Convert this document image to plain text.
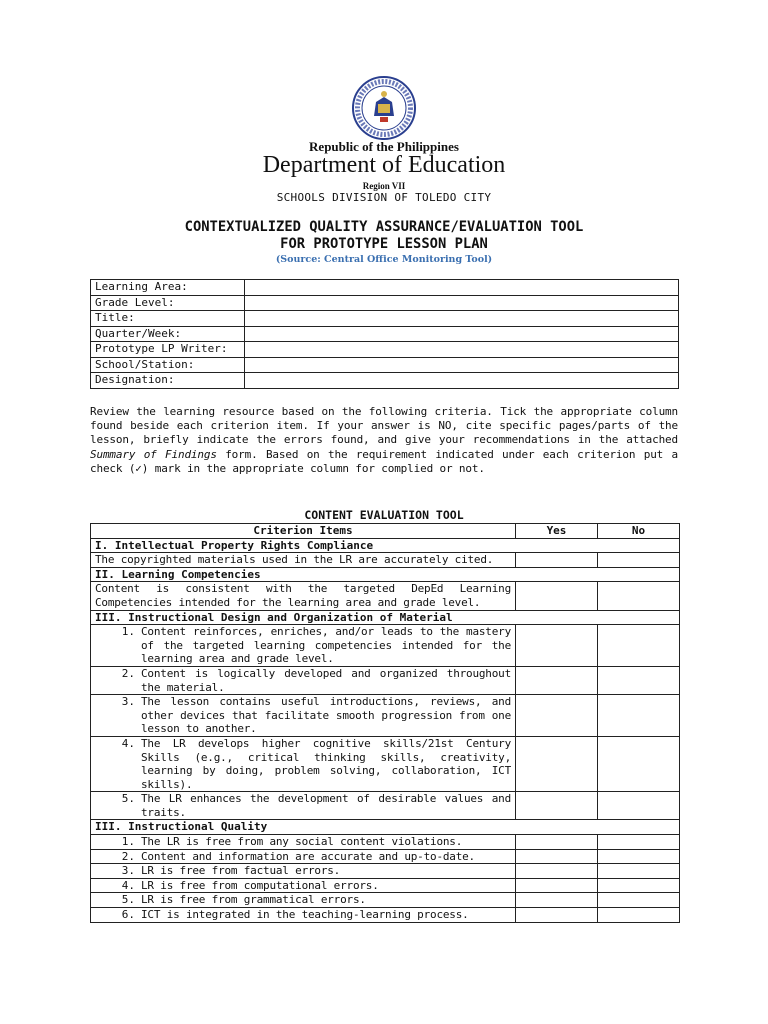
Republic of the Philippines
Department of Education
Region VII
SCHOOLS DIVISION OF TOLEDO CITY
CONTEXTUALIZED QUALITY ASSURANCE/EVALUATION TOOL
FOR PROTOTYPE LESSON PLAN
(Source: Central Office Monitoring Tool)
Learning Area:	
Grade Level:	
Title:	
Quarter/Week:	
Prototype LP Writer:	
School/Station:	
Designation:	
Review the learning resource based on the following criteria. Tick the appropriate column found beside each criterion item. If your answer is NO, cite specific pages/parts of the lesson, briefly indicate the errors found, and give your recommendations in the attached Summary of Findings form. Based on the requirement indicated under each criterion put a check (✓) mark in the appropriate column for complied or not.
CONTENT EVALUATION TOOL
Criterion Items	Yes	No
I. Intellectual Property Rights Compliance		

The copyrighted materials used in the LR are accurately cited.		

II. Learning Competencies		

Content is consistent with the targeted DepEd Learning Competencies intended for the learning area and grade level.		

III. Instructional Design and Organization of Material		

1. Content reinforces, enriches, and/or leads to the mastery of the targeted learning competencies intended for the learning area and grade level.		

2. Content is logically developed and organized throughout the material.		

3. The lesson contains useful introductions, reviews, and other devices that facilitate smooth progression from one lesson to another.		

4. The LR develops higher cognitive skills/21st Century Skills (e.g., critical thinking skills, creativity, learning by doing, problem solving, collaboration, ICT skills).		

5. The LR enhances the development of desirable values and traits.		

III. Instructional Quality		

1. The LR is free from any social content violations.		

2. Content and information are accurate and up-to-date.		

3. LR is free from factual errors.		

4. LR is free from computational errors.		

5. LR is free from grammatical errors.		

6. ICT is integrated in the teaching-learning process.		
